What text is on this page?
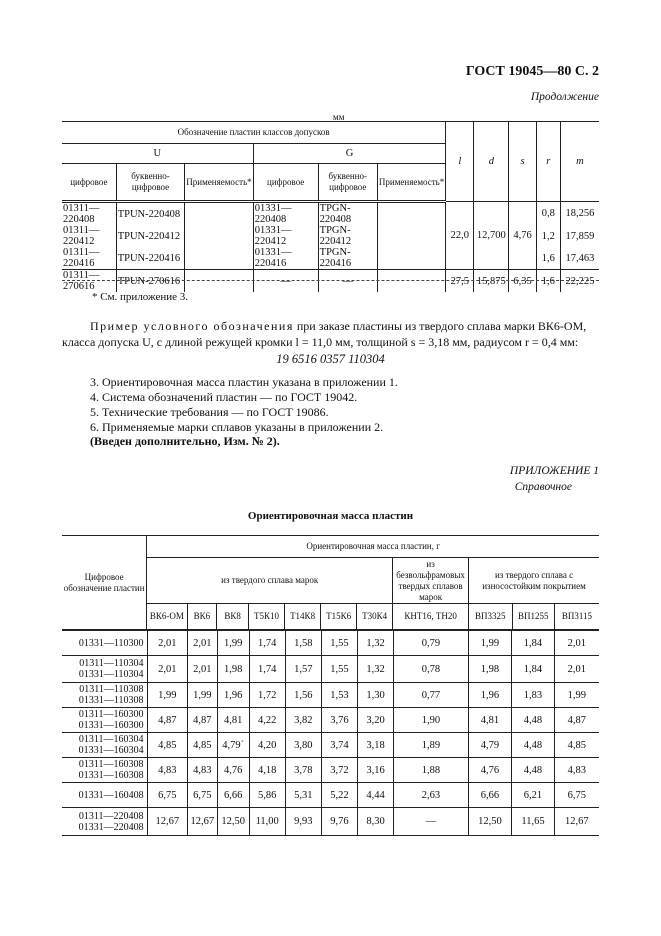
ГОСТ 19045—80 С. 2
Продолжение
мм
Обозначение пластин классов допусков						l	d	s	r	m
U			G							
цифровое	буквенно-цифровое	Применяемость*	цифровое	буквенно-цифровое	Применяемость*					
01311—220408	TPUN-220408		01331—220408	TPGN-220408		22,0	12,700	4,76	0,8	18,256
01311—220412	TPUN-220412		01331—220412	TPGN-220412					1,2	17,859
01311—220416	TPUN-220416		01331—220416	TPGN-220416					1,6	17,463
01311—270616	TPUN-270616		—	—		27,5	15,875	6,35	1,6	22,225
* См. приложение 3.
Пример условного обозначения при заказе пластины из твердого сплава марки ВК6-ОМ,
класса допуска U, с длиной режущей кромки l = 11,0 мм, толщиной s = 3,18 мм, радиусом r = 0,4 мм:
19 6516 0357 110304
3. Ориентировочная масса пластин указана в приложении 1.
4. Система обозначений пластин — по ГОСТ 19042.
5. Технические требования — по ГОСТ 19086.
6. Применяемые марки сплавов указаны в приложении 2.
(Введен дополнительно, Изм. № 2).
ПРИЛОЖЕНИЕ 1
Справочное
Ориентировочная масса пластин
Цифровое обозначение пластин	Ориентировочная масса пластин, г										
	из твердого сплава марок							из безвольфрамовых твердых сплавов марок	из твердого сплава с износостойким покрытием		
	ВК6-ОМ	ВК6	ВК8	Т5К10	Т14К8	Т15К6	Т30К4	КНТ16, ТН20	ВП3325	ВП1255	ВП3115

01331—110300	2,01	2,01	1,99	1,74	1,58	1,55	1,32	0,79	1,99	1,84	2,01

01311—110304
01331—110304	2,01	2,01	1,98	1,74	1,57	1,55	1,32	0,78	1,98	1,84	2,01

01311—110308
01331—110308	1,99	1,99	1,96	1,72	1,56	1,53	1,30	0,77	1,96	1,83	1,99

01311—160300
01331—160300	4,87	4,87	4,81	4,22	3,82	3,76	3,20	1,90	4,81	4,48	4,87

01311—160304
01331—160304	4,85	4,85	4,79`	4,20	3,80	3,74	3,18	1,89	4,79	4,48	4,85

01311—160308
01331—160308	4,83	4,83	4,76	4,18	3,78	3,72	3,16	1,88	4,76	4,48	4,83

01331—160408	6,75	6,75	6,66	5,86	5,31	5,22	4,44	2,63	6,66	6,21	6,75

01311—220408
01331—220408	12,67	12,67	12,50	11,00	9,93	9,76	8,30	—	12,50	11,65	12,67
